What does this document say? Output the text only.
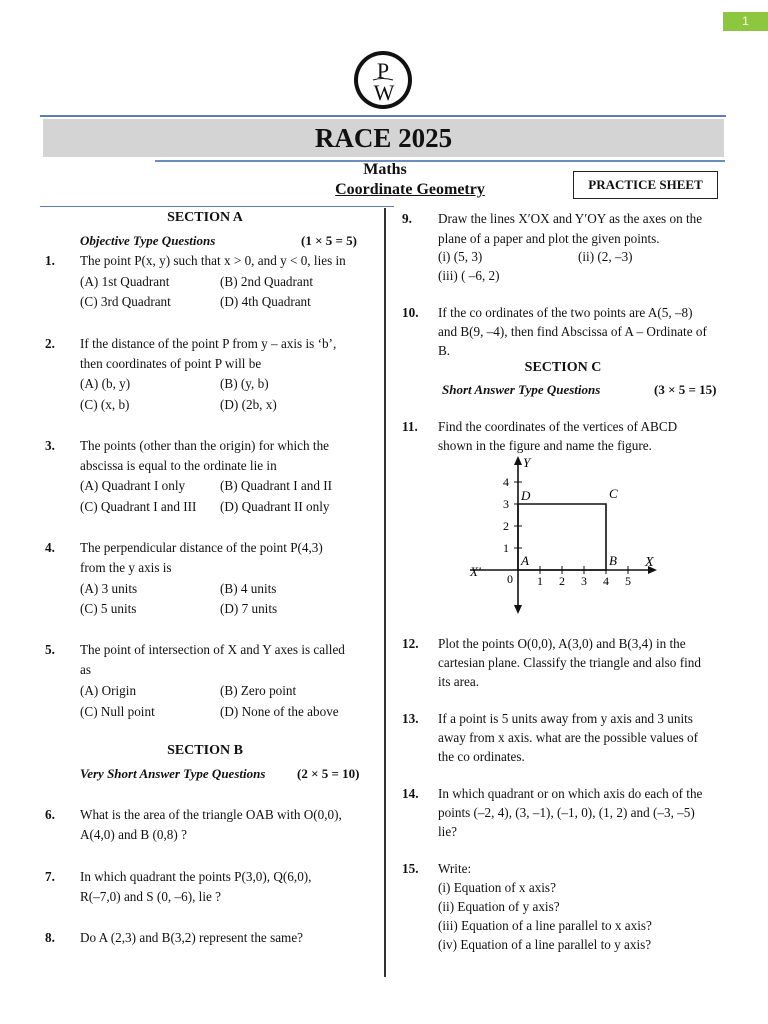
1
P
W
RACE 2025
Maths
Coordinate Geometry	PRACTICE SHEET
SECTION A
Objective Type Questions	(1 × 5 = 5)
1. The point P(x, y) such that x > 0, and y < 0, lies in
(A) 1st Quadrant	(B) 2nd Quadrant
(C) 3rd Quadrant	(D) 4th Quadrant
2. If the distance of the point P from y – axis is ‘b’,
then coordinates of point P will be
(A) (b, y)	(B) (y, b)
(C) (x, b)	(D) (2b, x)
3. The points (other than the origin) for which the
abscissa is equal to the ordinate lie in
(A) Quadrant I only	(B) Quadrant I and II
(C) Quadrant I and III (D) Quadrant II only
4. The perpendicular distance of the point P(4,3)
from the y axis is
(A) 3 units	(B) 4 units
(C) 5 units	(D) 7 units
5. The point of intersection of X and Y axes is called
as
(A) Origin	(B) Zero point
(C) Null point	(D) None of the above
SECTION B
Very Short Answer Type Questions (2 × 5 = 10)
6. What is the area of the triangle OAB with O(0,0),
A(4,0) and B (0,8) ?
7. In which quadrant the points P(3,0), Q(6,0),
R(–7,0) and S (0, –6), lie ?
8. Do A (2,3) and B(3,2) represent the same?
9. Draw the lines X′OX and Y′OY as the axes on the
plane of a paper and plot the given points.
(i) (5, 3)	(ii) (2, –3)
(iii) ( –6, 2)
10. If the co ordinates of the two points are A(5, –8)
and B(9, –4), then find Abscissa of A – Ordinate of
B.
SECTION C
Short Answer Type Questions	(3 × 5 = 15)
11. Find the coordinates of the vertices of ABCD
shown in the figure and name the figure.
1 2 3 4 5
1
2
3
4
A	B
C
D
X
X′
Y
0
12. Plot the points O(0,0), A(3,0) and B(3,4) in the
cartesian plane. Classify the triangle and also find
its area.
13. If a point is 5 units away from y axis and 3 units
away from x axis. what are the possible values of
the co ordinates.
14. In which quadrant or on which axis do each of the
points (–2, 4), (3, –1), (–1, 0), (1, 2) and (–3, –5)
lie?
15. Write:
(i) Equation of x axis?
(ii) Equation of y axis?
(iii) Equation of a line parallel to x axis?
(iv) Equation of a line parallel to y axis?
